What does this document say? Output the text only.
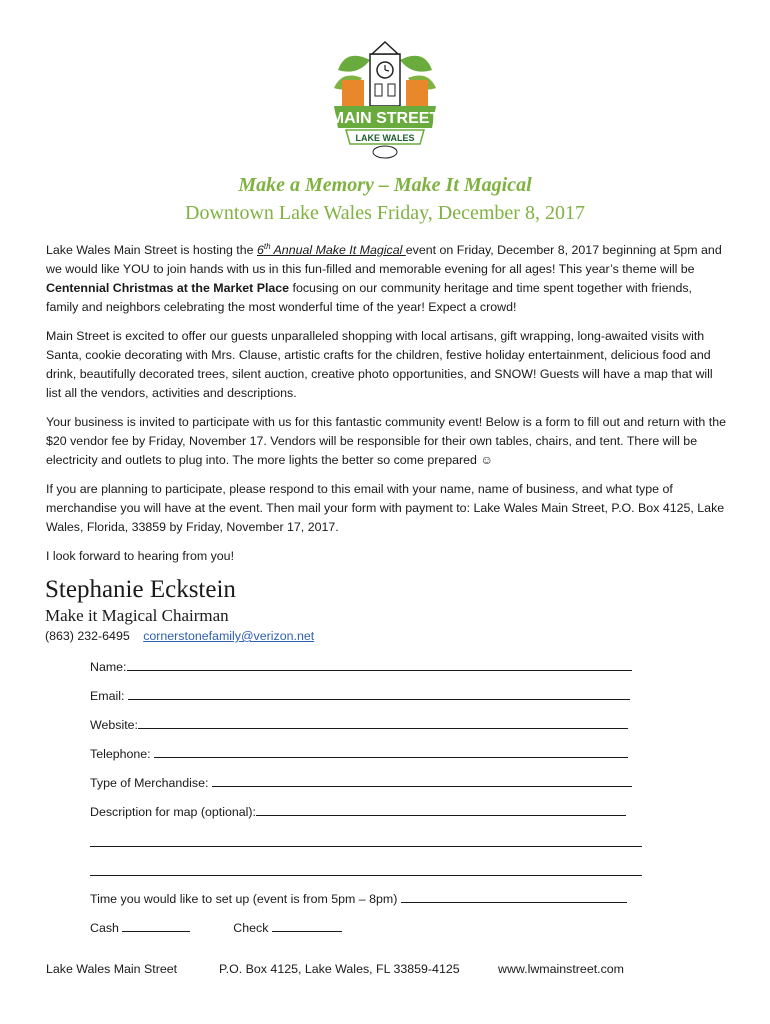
MAIN STREET
LAKE WALES
Make a Memory – Make It Magical
Downtown Lake Wales Friday, December 8, 2017

Lake Wales Main Street is hosting the 6th Annual Make It Magical event on Friday, December 8, 2017 beginning at 5pm and we would like YOU to join hands with us in this fun-filled and memorable evening for all ages! This year’s theme will be Centennial Christmas at the Market Place focusing on our community heritage and time spent together with friends, family and neighbors celebrating the most wonderful time of the year! Expect a crowd!

Main Street is excited to offer our guests unparalleled shopping with local artisans, gift wrapping, long-awaited visits with Santa, cookie decorating with Mrs. Clause, artistic crafts for the children, festive holiday entertainment, delicious food and drink, beautifully decorated trees, silent auction, creative photo opportunities, and SNOW! Guests will have a map that will list all the vendors, activities and descriptions.

Your business is invited to participate with us for this fantastic community event! Below is a form to fill out and return with the $20 vendor fee by Friday, November 17. Vendors will be responsible for their own tables, chairs, and tent. There will be electricity and outlets to plug into. The more lights the better so come prepared ☺

If you are planning to participate, please respond to this email with your name, name of business, and what type of merchandise you will have at the event. Then mail your form with payment to: Lake Wales Main Street, P.O. Box 4125, Lake Wales, Florida, 33859 by Friday, November 17, 2017.

I look forward to hearing from you!

Stephanie Eckstein
Make it Magical Chairman
(863) 232-6495 cornerstonefamily@verizon.net
Name:
Email:
Website:
Telephone:
Type of Merchandise:
Description for map (optional):
Time you would like to set up (event is from 5pm – 8pm)
Cash	Check
Lake Wales Main Street	P.O. Box 4125, Lake Wales, FL 33859-4125	www.lwmainstreet.com
